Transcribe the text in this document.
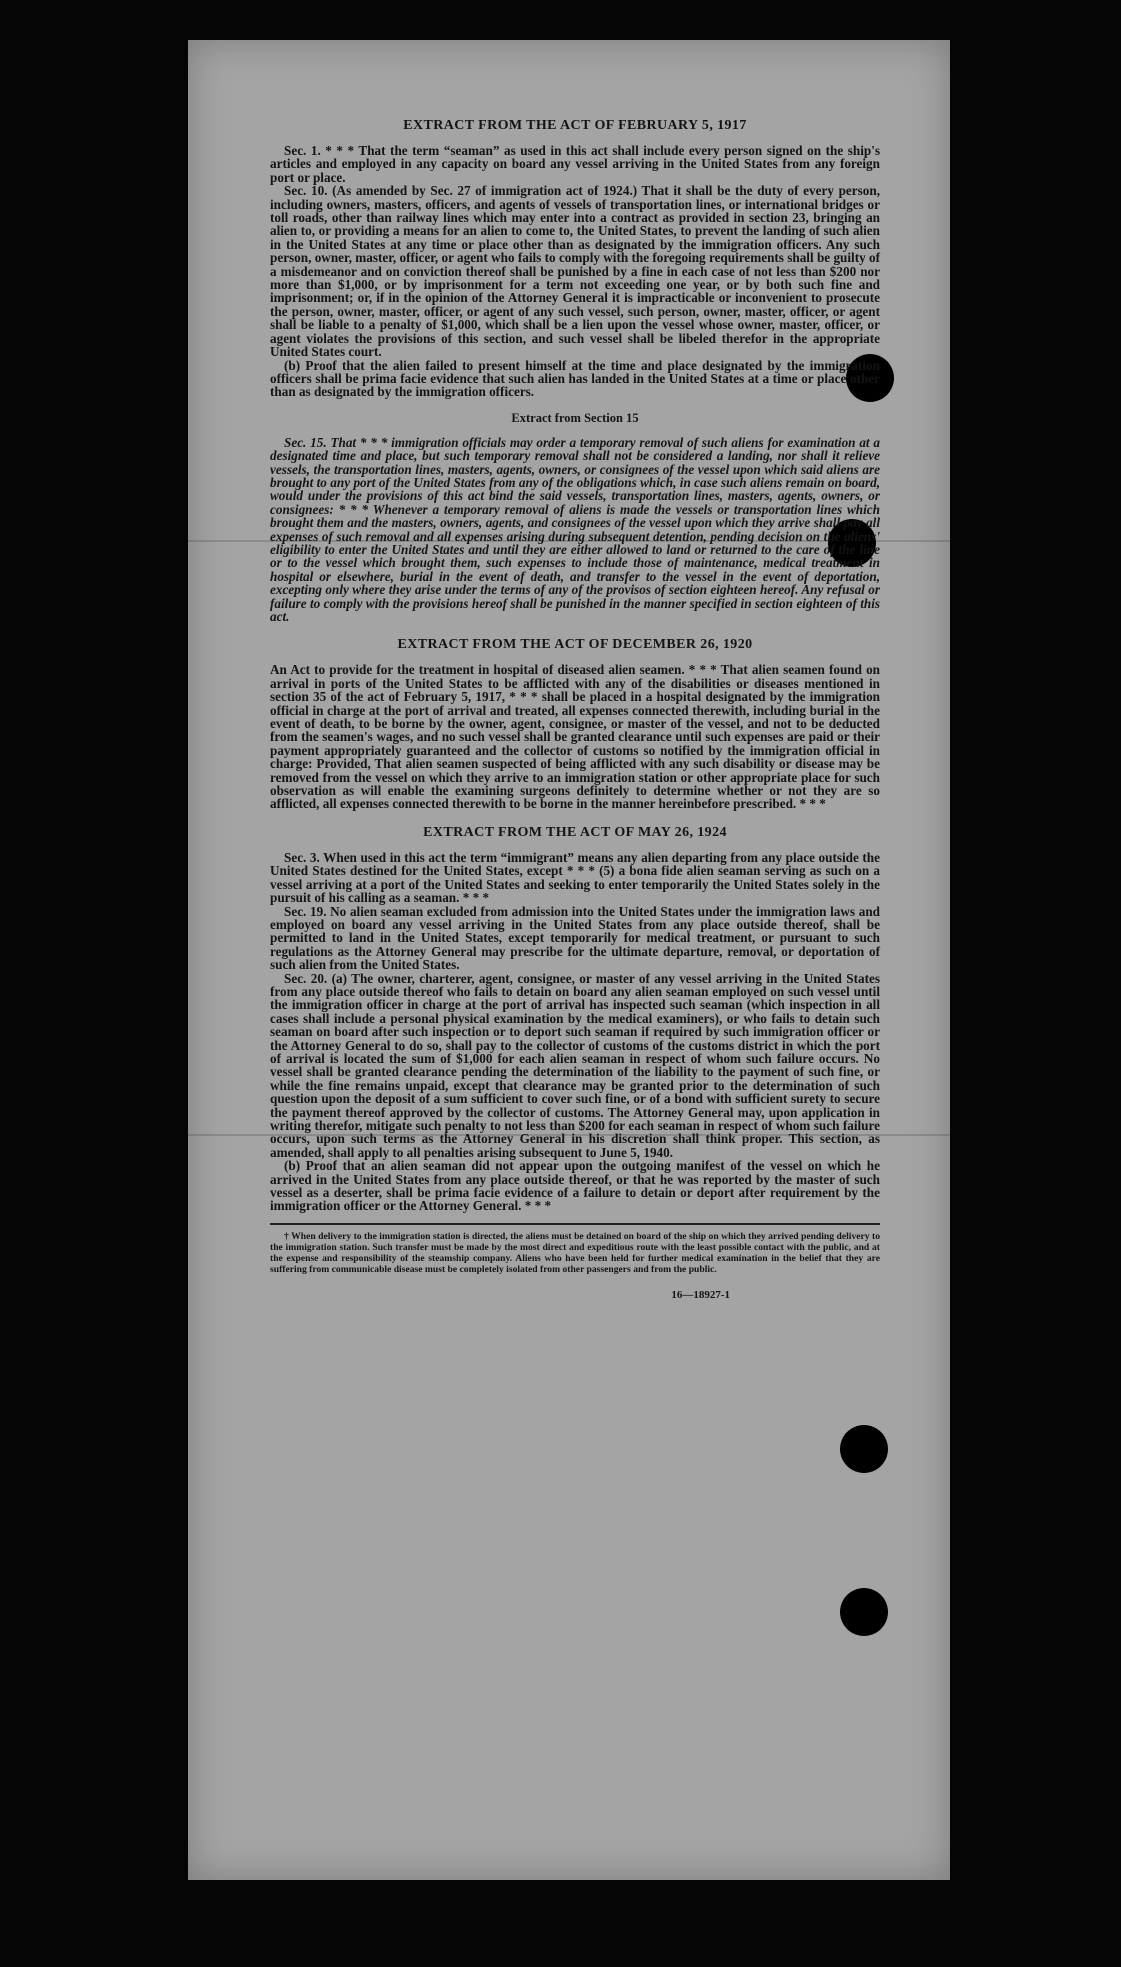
EXTRACT FROM THE ACT OF FEBRUARY 5, 1917

Sec. 1. * * * That the term “seaman” as used in this act shall include every person signed on the ship's articles and employed in any capacity on board any vessel arriving in the United States from any foreign port or place.

Sec. 10. (As amended by Sec. 27 of immigration act of 1924.) That it shall be the duty of every person, including owners, masters, officers, and agents of vessels of transportation lines, or international bridges or toll roads, other than railway lines which may enter into a contract as provided in section 23, bringing an alien to, or providing a means for an alien to come to, the United States, to prevent the landing of such alien in the United States at any time or place other than as designated by the immigration officers. Any such person, owner, master, officer, or agent who fails to comply with the foregoing requirements shall be guilty of a misdemeanor and on conviction thereof shall be punished by a fine in each case of not less than $200 nor more than $1,000, or by imprisonment for a term not exceeding one year, or by both such fine and imprisonment; or, if in the opinion of the Attorney General it is impracticable or inconvenient to prosecute the person, owner, master, officer, or agent of any such vessel, such person, owner, master, officer, or agent shall be liable to a penalty of $1,000, which shall be a lien upon the vessel whose owner, master, officer, or agent violates the provisions of this section, and such vessel shall be libeled therefor in the appropriate United States court.

(b) Proof that the alien failed to present himself at the time and place designated by the immigration officers shall be prima facie evidence that such alien has landed in the United States at a time or place other than as designated by the immigration officers.

Extract from Section 15

Sec. 15. That * * * immigration officials may order a temporary removal of such aliens for examination at a designated time and place, but such temporary removal shall not be considered a landing, nor shall it relieve vessels, the transportation lines, masters, agents, owners, or consignees of the vessel upon which said aliens are brought to any port of the United States from any of the obligations which, in case such aliens remain on board, would under the provisions of this act bind the said vessels, transportation lines, masters, agents, owners, or consignees: * * * Whenever a temporary removal of aliens is made the vessels or transportation lines which brought them and the masters, owners, agents, and consignees of the vessel upon which they arrive shall pay all expenses of such removal and all expenses arising during subsequent detention, pending decision on the aliens' eligibility to enter the United States and until they are either allowed to land or returned to the care of the line or to the vessel which brought them, such expenses to include those of maintenance, medical treatment in hospital or elsewhere, burial in the event of death, and transfer to the vessel in the event of deportation, excepting only where they arise under the terms of any of the provisos of section eighteen hereof. Any refusal or failure to comply with the provisions hereof shall be punished in the manner specified in section eighteen of this act.

EXTRACT FROM THE ACT OF DECEMBER 26, 1920

An Act to provide for the treatment in hospital of diseased alien seamen. * * * That alien seamen found on arrival in ports of the United States to be afflicted with any of the disabilities or diseases mentioned in section 35 of the act of February 5, 1917, * * * shall be placed in a hospital designated by the immigration official in charge at the port of arrival and treated, all expenses connected therewith, including burial in the event of death, to be borne by the owner, agent, consignee, or master of the vessel, and not to be deducted from the seamen's wages, and no such vessel shall be granted clearance until such expenses are paid or their payment appropriately guaranteed and the collector of customs so notified by the immigration official in charge: Provided, That alien seamen suspected of being afflicted with any such disability or disease may be removed from the vessel on which they arrive to an immigration station or other appropriate place for such observation as will enable the examining surgeons definitely to determine whether or not they are so afflicted, all expenses connected therewith to be borne in the manner hereinbefore prescribed. * * *

EXTRACT FROM THE ACT OF MAY 26, 1924

Sec. 3. When used in this act the term “immigrant” means any alien departing from any place outside the United States destined for the United States, except * * * (5) a bona fide alien seaman serving as such on a vessel arriving at a port of the United States and seeking to enter temporarily the United States solely in the pursuit of his calling as a seaman. * * *

Sec. 19. No alien seaman excluded from admission into the United States under the immigration laws and employed on board any vessel arriving in the United States from any place outside thereof, shall be permitted to land in the United States, except temporarily for medical treatment, or pursuant to such regulations as the Attorney General may prescribe for the ultimate departure, removal, or deportation of such alien from the United States.

Sec. 20. (a) The owner, charterer, agent, consignee, or master of any vessel arriving in the United States from any place outside thereof who fails to detain on board any alien seaman employed on such vessel until the immigration officer in charge at the port of arrival has inspected such seaman (which inspection in all cases shall include a personal physical examination by the medical examiners), or who fails to detain such seaman on board after such inspection or to deport such seaman if required by such immigration officer or the Attorney General to do so, shall pay to the collector of customs of the customs district in which the port of arrival is located the sum of $1,000 for each alien seaman in respect of whom such failure occurs. No vessel shall be granted clearance pending the determination of the liability to the payment of such fine, or while the fine remains unpaid, except that clearance may be granted prior to the determination of such question upon the deposit of a sum sufficient to cover such fine, or of a bond with sufficient surety to secure the payment thereof approved by the collector of customs. The Attorney General may, upon application in writing therefor, mitigate such penalty to not less than $200 for each seaman in respect of whom such failure occurs, upon such terms as the Attorney General in his discretion shall think proper. This section, as amended, shall apply to all penalties arising subsequent to June 5, 1940.

(b) Proof that an alien seaman did not appear upon the outgoing manifest of the vessel on which he arrived in the United States from any place outside thereof, or that he was reported by the master of such vessel as a deserter, shall be prima facie evidence of a failure to detain or deport after requirement by the immigration officer or the Attorney General. * * *

† When delivery to the immigration station is directed, the aliens must be detained on board of the ship on which they arrived pending delivery to the immigration station. Such transfer must be made by the most direct and expeditious route with the least possible contact with the public, and at the expense and responsibility of the steamship company. Aliens who have been held for further medical examination in the belief that they are suffering from communicable disease must be completely isolated from other passengers and from the public.
16—18927-1
